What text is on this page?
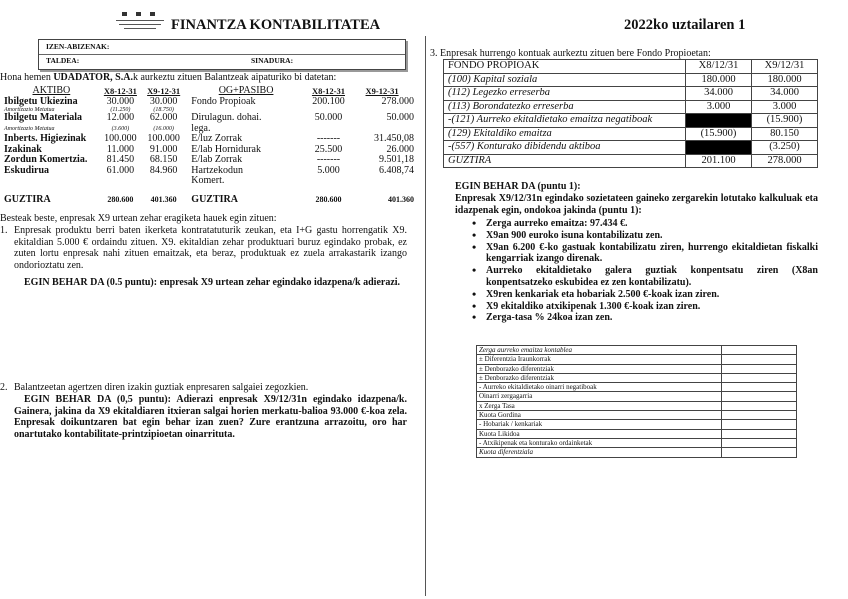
FINANTZA KONTABILITATEA	2022ko uztailaren 1
IZEN-ABIZENAK:
TALDEA:	SINADURA:
Hona hemen UDADATOR, S.A.k aurkeztu zituen Balantzeak aipaturiko bi datetan:
AKTIBO	X8-12-31	X9-12-31	OG+PASIBO	X8-12-31	X9-12-31
Ibilgetu Ukiezina	30.000	30.000	Fondo Propioak	200.100	278.000
Amortizazio Metatua	(11.250)	(18.750)			
Ibilgetu Materiala	12.000	62.000	Dirulagun. dohai.	50.000	50.000
Amortizazio Metatua	(3.600)	(16.000)	lega.		
Inberts. Higiezinak	100.000	100.000	E/luz Zorrak	-------	31.450,08
Izakinak	11.000	91.000	E/lab Hornidurak	25.500	26.000
Zordun Komertzia.	81.450	68.150	E/lab Zorrak	-------	9.501,18
Eskudirua	61.000	84.960	Hartzekodun	5.000	6.408,74
			Komert.		

GUZTIRA	280.600	401.360	GUZTIRA	280.600	401.360
Besteak beste, enpresak X9 urtean zehar eragiketa hauek egin zituen:
1. Enpresak produktu berri baten ikerketa kontratatuturik zeukan, eta I+G gastu horrengatik X9. ekitaldian 5.000 € ordaindu zituen. X9. ekitaldian zehar produktuari buruz egindako probak, ez zuten lortu enpresak nahi zituen emaitzak, eta beraz, produktuak ez zuela arrakastarik izango ondorioztatu zen.
EGIN BEHAR DA (0.5 puntu): enpresak X9 urtean zehar egindako idazpena/k adierazi.
2. Balantzeetan agertzen diren izakin guztiak enpresaren salgaiei zegozkien.
EGIN BEHAR DA (0,5 puntu): Adierazi enpresak X9/12/31n egindako idazpena/k. Gainera, jakina da X9 ekitaldiaren itxieran salgai horien merkatu-balioa 93.000 €-koa zela. Enpresak doikuntzaren bat egin behar izan zuen? Zure erantzuna arrazoitu, oro har onartutako kontabilitate-printzipioetan oinarrituta.
3. Enpresak hurrengo kontuak aurkeztu zituen bere Fondo Propioetan:
FONDO PROPIOAK	X8/12/31	X9/12/31
(100) Kapital soziala	180.000	180.000
(112) Legezko erreserba	34.000	34.000
(113) Borondatezko erreserba	3.000	3.000
-(121) Aurreko ekitaldietako emaitza negatiboak		(15.900)
(129) Ekitaldiko emaitza	(15.900)	80.150
-(557) Konturako dibidendu aktiboa		(3.250)
GUZTIRA	201.100	278.000
EGIN BEHAR DA (puntu 1):
Enpresak X9/12/31n egindako sozietateen gaineko zergarekin lotutako kalkuluak eta idazpenak egin, ondokoa jakinda (puntu 1):
• Zerga aurreko emaitza: 97.434 €.
• X9an 900 euroko isuna kontabilizatu zen.
• X9an 6.200 €-ko gastuak kontabilizatu ziren, hurrengo ekitaldietan fiskalki kengarriak izango direnak.
• Aurreko ekitaldietako galera guztiak konpentsatu ziren (X8an konpentsatzeko eskubidea ez zen kontabilizatu).
• X9ren kenkariak eta hobariak 2.500 €-koak izan ziren.
• X9 ekitaldiko atxikipenak 1.300 €-koak izan ziren.
• Zerga-tasa % 24koa izan zen.
Zerga aurreko emaitza kontablea	
± Diferentzia Iraunkorrak	
± Denborazko diferentziak	
± Denborazko diferentziak	
- Aurreko ekitaldietako oinarri negatiboak	
Oinarri zergagarria	
x Zerga Tasa	
Kuota Gordina	
- Hobariak / kenkariak	
Kuota Likidoa	
- Atxikipenak eta konturako ordainketak	
Kuota diferentziala	
